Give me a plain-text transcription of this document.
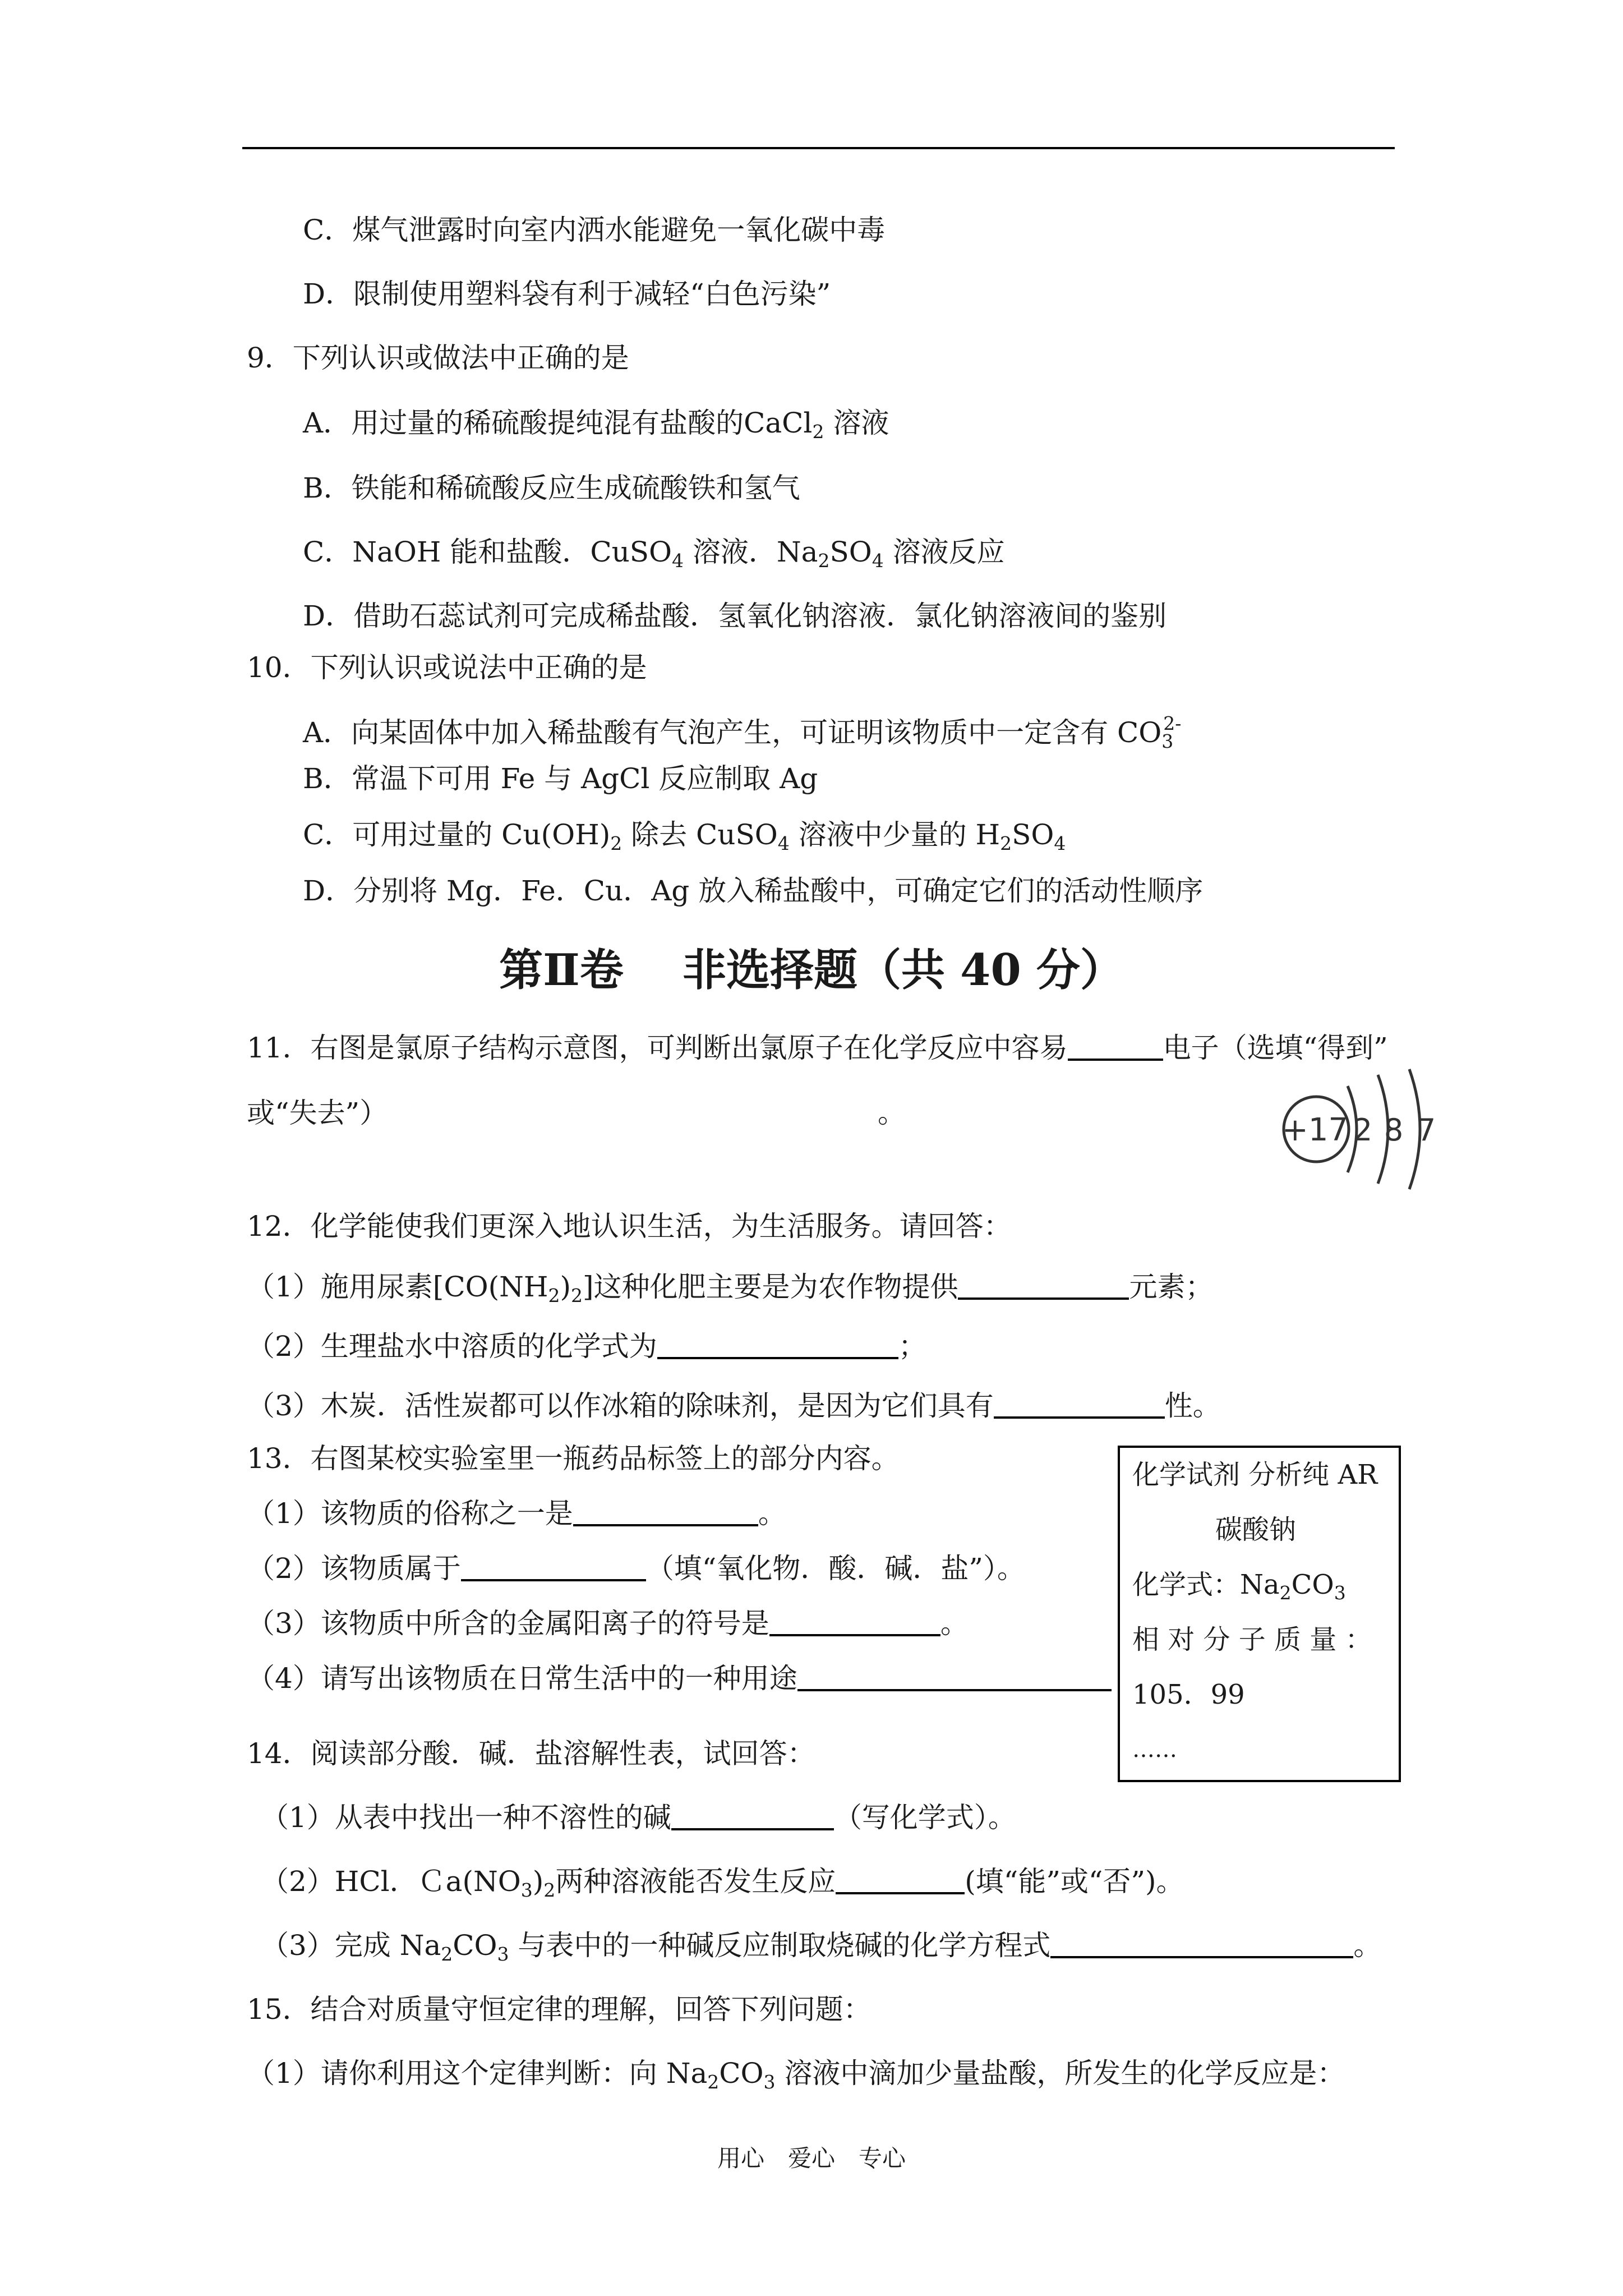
C．煤气泄露时向室内洒水能避免一氧化碳中毒
D．限制使用塑料袋有利于减轻“白色污染”
9．下列认识或做法中正确的是
A．用过量的稀硫酸提纯混有盐酸的CaCl$_2$ 溶液
B．铁能和稀硫酸反应生成硫酸铁和氢气
C．NaOH 能和盐酸．CuSO$_4$ 溶液．$Na_2SO_4$ 溶液反应
D．借助石蕊试剂可完成稀盐酸．氢氧化钠溶液．氯化钠溶液间的鉴别
10．下列认识或说法中正确的是
A．向某固体中加入稀盐酸有气泡产生，可证明该物质中一定含有 $CO_3^{2-}$
B．常温下可用 Fe 与 AgCl 反应制取 Ag
C．可用过量的 $Cu(OH)_2$ 除去 CuSO$_4$ 溶液中少量的 $H_2SO_4$
D．分别将 Mg．Fe．Cu．Ag 放入稀盐酸中，可确定它们的活动性顺序
第Ⅱ卷　 非选择题（共 40 分）
11．右图是氯原子结构示意图，可判断出氯原子在化学反应中容易	电子（选填“得到”
或“失去”）	。	+17 2 8 7
12．化学能使我们更深入地认识生活，为生活服务。请回答：
（1）施用尿素$[CO(NH_2)_2]$这种化肥主要是为农作物提供	元素；
（2）生理盐水中溶质的化学式为	；
（3）木炭．活性炭都可以作冰箱的除味剂，是因为它们具有	性。
13．右图某校实验室里一瓶药品标签上的部分内容。
（1）该物质的俗称之一是	。
（2）该物质属于	（填“氧化物．酸．碱．盐”）。
（3）该物质中所含的金属阳离子的符号是	。
（4）请写出该物质在日常生活中的一种用途
化学试剂 分析纯 AR
碳酸钠
化学式：$Na_2CO_3$
相 对 分 子 质 量 ：
105．99
……
14．阅读部分酸．碱．盐溶解性表，试回答：
（1）从表中找出一种不溶性的碱	（写化学式）。
（2）HCl．$Ca(NO_3)_2$两种溶液能否发生反应	(填“能”或“否”)。
（3）完成 $Na_2CO_3$ 与表中的一种碱反应制取烧碱的化学方程式	。
15．结合对质量守恒定律的理解，回答下列问题：
（1）请你利用这个定律判断：向 $Na_2CO_3$ 溶液中滴加少量盐酸，所发生的化学反应是：
用心　爱心　专心
